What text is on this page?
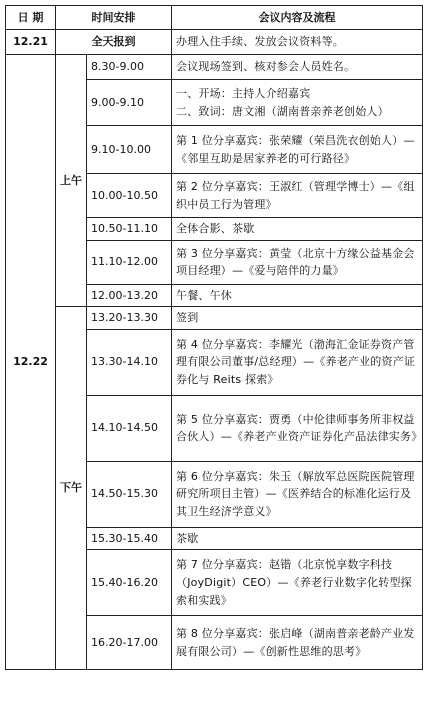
日 期	时间安排		会议内容及流程
12.21	全天报到		办理入住手续、发放会议资料等。
12.22	上午	8.30-9.00	会议现场签到、核对参会人员姓名。

		9.00-9.10	一、开场：主持人介绍嘉宾
二、致词：唐文湘（湖南普亲养老创始人）

		9.10-10.00	第 1 位分享嘉宾：张荣耀（荣昌洗衣创始人）—《邻里互助是居家养老的可行路径》

		10.00-10.50	第 2 位分享嘉宾：王淑红（管理学博士）—《组织中员工行为管理》

		10.50-11.10	全体合影、茶歇

		11.10-12.00	第 3 位分享嘉宾：黄莹（北京十方缘公益基金会项目经理）—《爱与陪伴的力量》

		12.00-13.20	午餐、午休

	下午	13.20-13.30	签到

		13.30-14.10	第 4 位分享嘉宾：李耀光（渤海汇金证券资产管理有限公司董事/总经理）—《养老产业的资产证券化与 Reits 探索》

		14.10-14.50	第 5 位分享嘉宾：贾勇（中伦律师事务所非权益合伙人）—《养老产业资产证券化产品法律实务》

		14.50-15.30	第 6 位分享嘉宾：朱玉（解放军总医院医院管理研究所项目主管）—《医养结合的标准化运行及其卫生经济学意义》

		15.30-15.40	茶歇

		15.40-16.20	第 7 位分享嘉宾：赵锴（北京悦享数字科技（JoyDigit）CEO）—《养老行业数字化转型探索和实践》

		16.20-17.00	第 8 位分享嘉宾：张启峰（湖南普亲老龄产业发展有限公司）—《创新性思维的思考》
